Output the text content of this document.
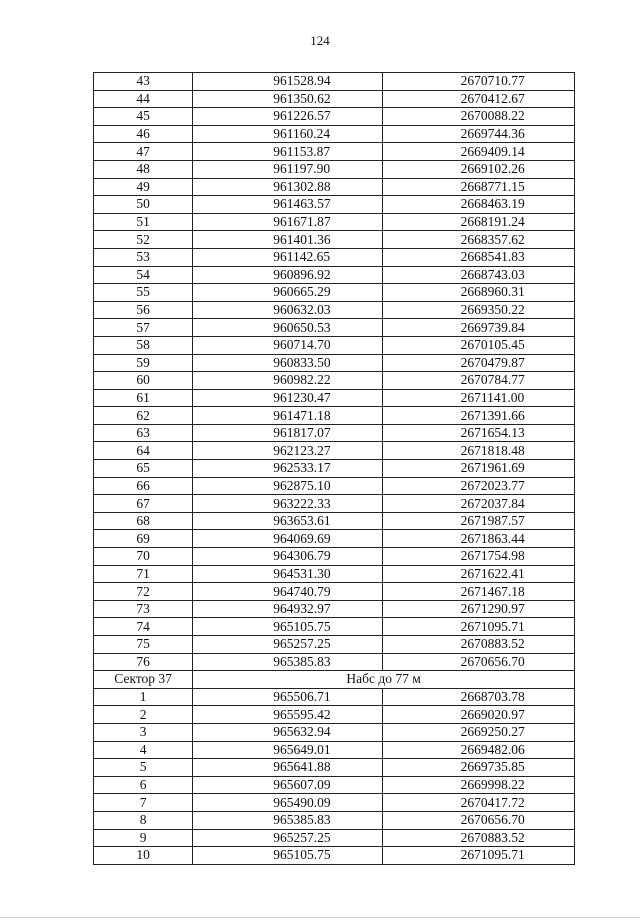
124
43	961528.94	2670710.77
44	961350.62	2670412.67
45	961226.57	2670088.22
46	961160.24	2669744.36
47	961153.87	2669409.14
48	961197.90	2669102.26
49	961302.88	2668771.15
50	961463.57	2668463.19
51	961671.87	2668191.24
52	961401.36	2668357.62
53	961142.65	2668541.83
54	960896.92	2668743.03
55	960665.29	2668960.31
56	960632.03	2669350.22
57	960650.53	2669739.84
58	960714.70	2670105.45
59	960833.50	2670479.87
60	960982.22	2670784.77
61	961230.47	2671141.00
62	961471.18	2671391.66
63	961817.07	2671654.13
64	962123.27	2671818.48
65	962533.17	2671961.69
66	962875.10	2672023.77
67	963222.33	2672037.84
68	963653.61	2671987.57
69	964069.69	2671863.44
70	964306.79	2671754.98
71	964531.30	2671622.41
72	964740.79	2671467.18
73	964932.97	2671290.97
74	965105.75	2671095.71
75	965257.25	2670883.52
76	965385.83	2670656.70
Сектор 37	Набс до 77 м	
1	965506.71	2668703.78
2	965595.42	2669020.97
3	965632.94	2669250.27
4	965649.01	2669482.06
5	965641.88	2669735.85
6	965607.09	2669998.22
7	965490.09	2670417.72
8	965385.83	2670656.70
9	965257.25	2670883.52
10	965105.75	2671095.71
